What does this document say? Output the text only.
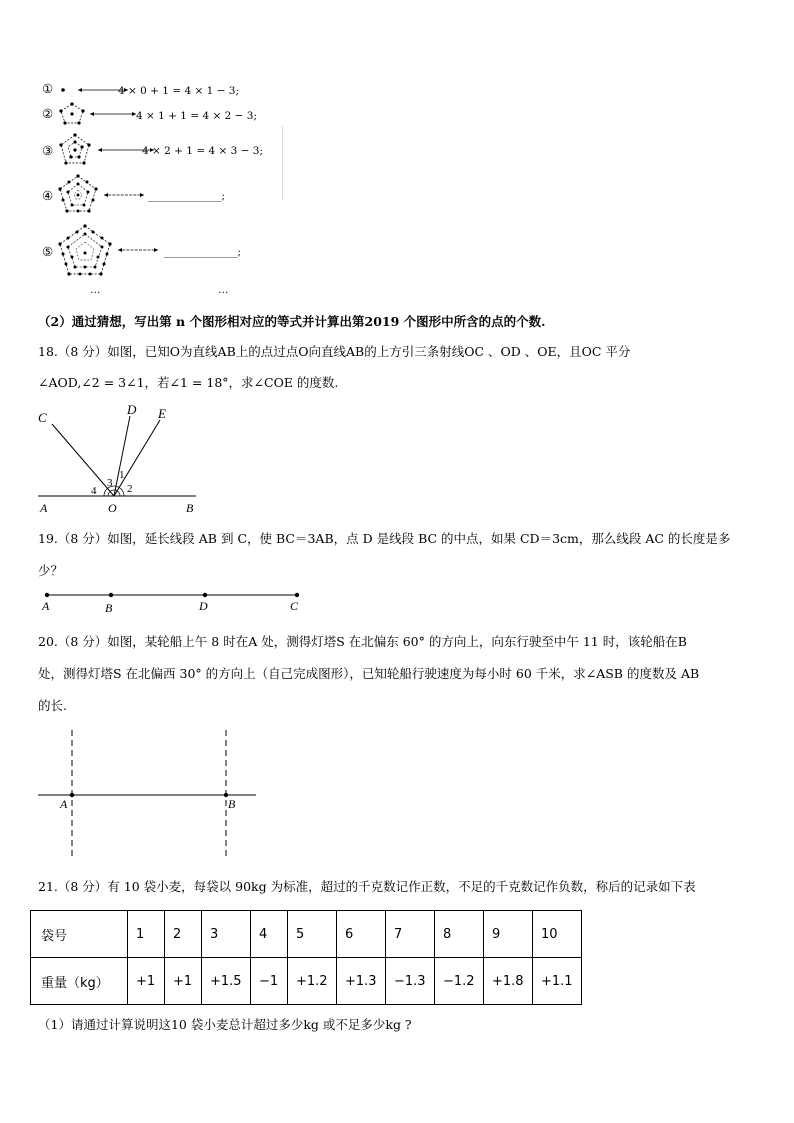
①	4 × 0 + 1 = 4 × 1 − 3;
②	4 × 1 + 1 = 4 × 2 − 3;
③	4 × 2 + 1 = 4 × 3 − 3;
④	______________;
⑤	______________;
…	…
（2）通过猜想，写出第 n 个图形相对应的等式并计算出第2019 个图形中所含的点的个数.
18.（8 分）如图，已知O为直线AB上的点过点O向直线AB的上方引三条射线OC 、OD 、OE，且OC 平分
∠AOD,∠2 = 3∠1，若∠1 = 18°，求∠COE 的度数.
C
D E
A	O	B
1
2
3
4
19.（8 分）如图，延长线段 AB 到 C，使 BC＝3AB，点 D 是线段 BC 的中点，如果 CD＝3cm，那么线段 AC 的长度是多
少？
A	B	D	C
20.（8 分）如图，某轮船上午 8 时在A 处，测得灯塔S 在北偏东 60° 的方向上，向东行驶至中午 11 时，该轮船在B
处，测得灯塔S 在北偏西 30° 的方向上（自己完成图形），已知轮船行驶速度为每小时 60 千米，求∠ASB 的度数及 AB
的长.
A	B
21.（8 分）有 10 袋小麦，每袋以 90kg 为标准，超过的千克数记作正数，不足的千克数记作负数，称后的记录如下表
袋号	1	2	3	4	5	6	7	8	9	10
重量（kg）	+1	+1	+1.5	−1	+1.2	+1.3	−1.3	−1.2	+1.8	+1.1
（1）请通过计算说明这10 袋小麦总计超过多少kg 或不足多少kg ?
